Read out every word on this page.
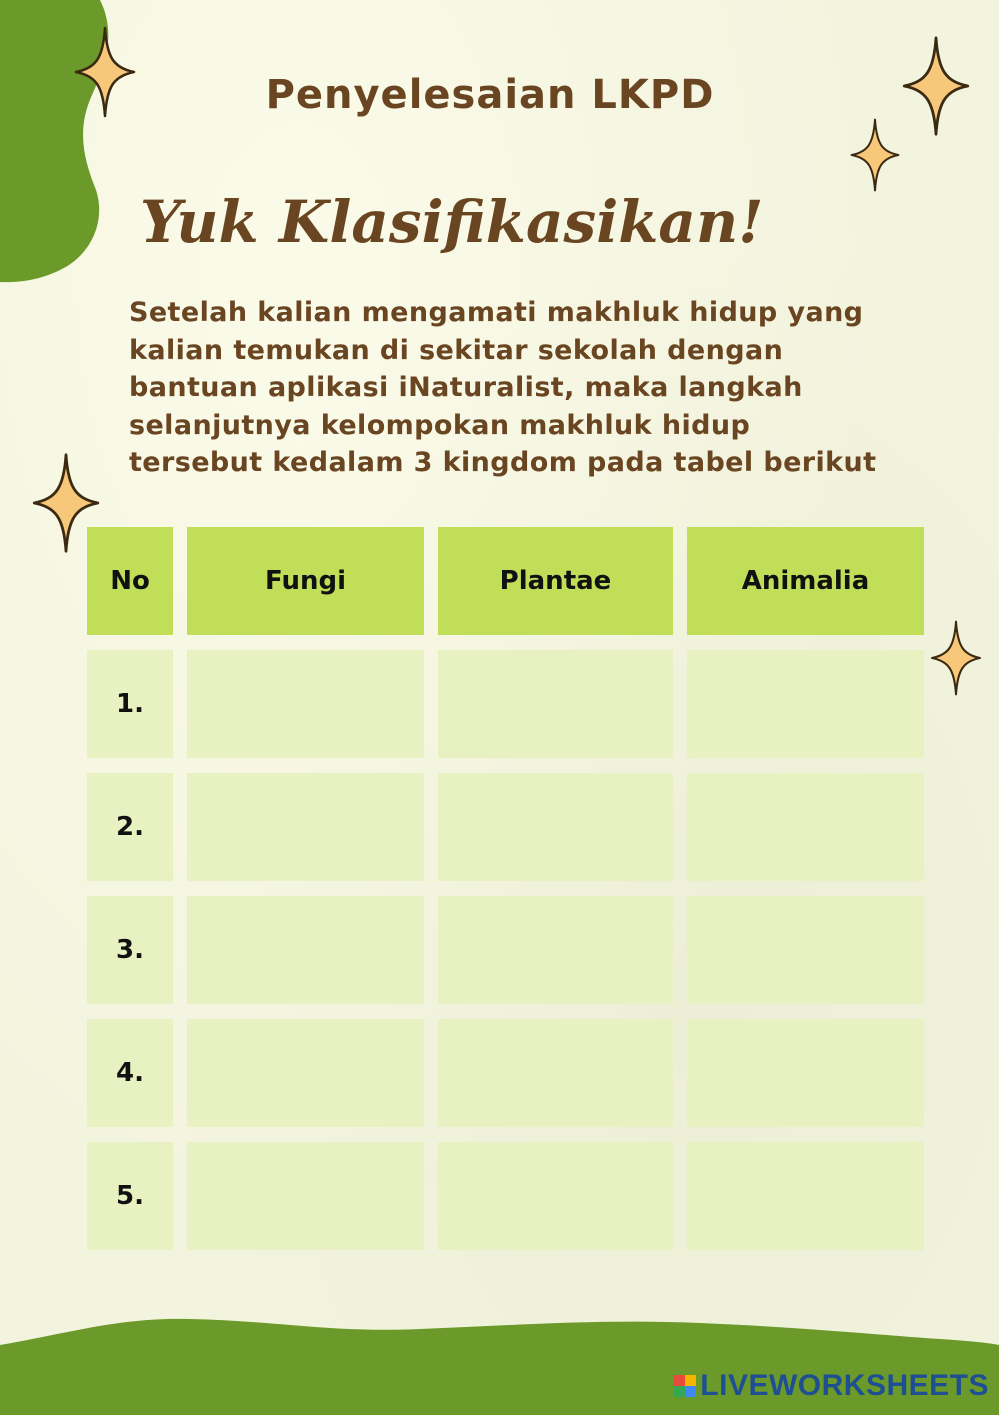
Penyelesaian LKPD
Yuk Klasifikasikan!
Setelah kalian mengamati makhluk hidup yang kalian temukan di sekitar sekolah dengan bantuan aplikasi iNaturalist, maka langkah selanjutnya kelompokan makhluk hidup tersebut kedalam 3 kingdom pada tabel berikut
No	Fungi	Plantae	Animalia
1.
2.
3.
4.
5.
LIVEWORKSHEETS
